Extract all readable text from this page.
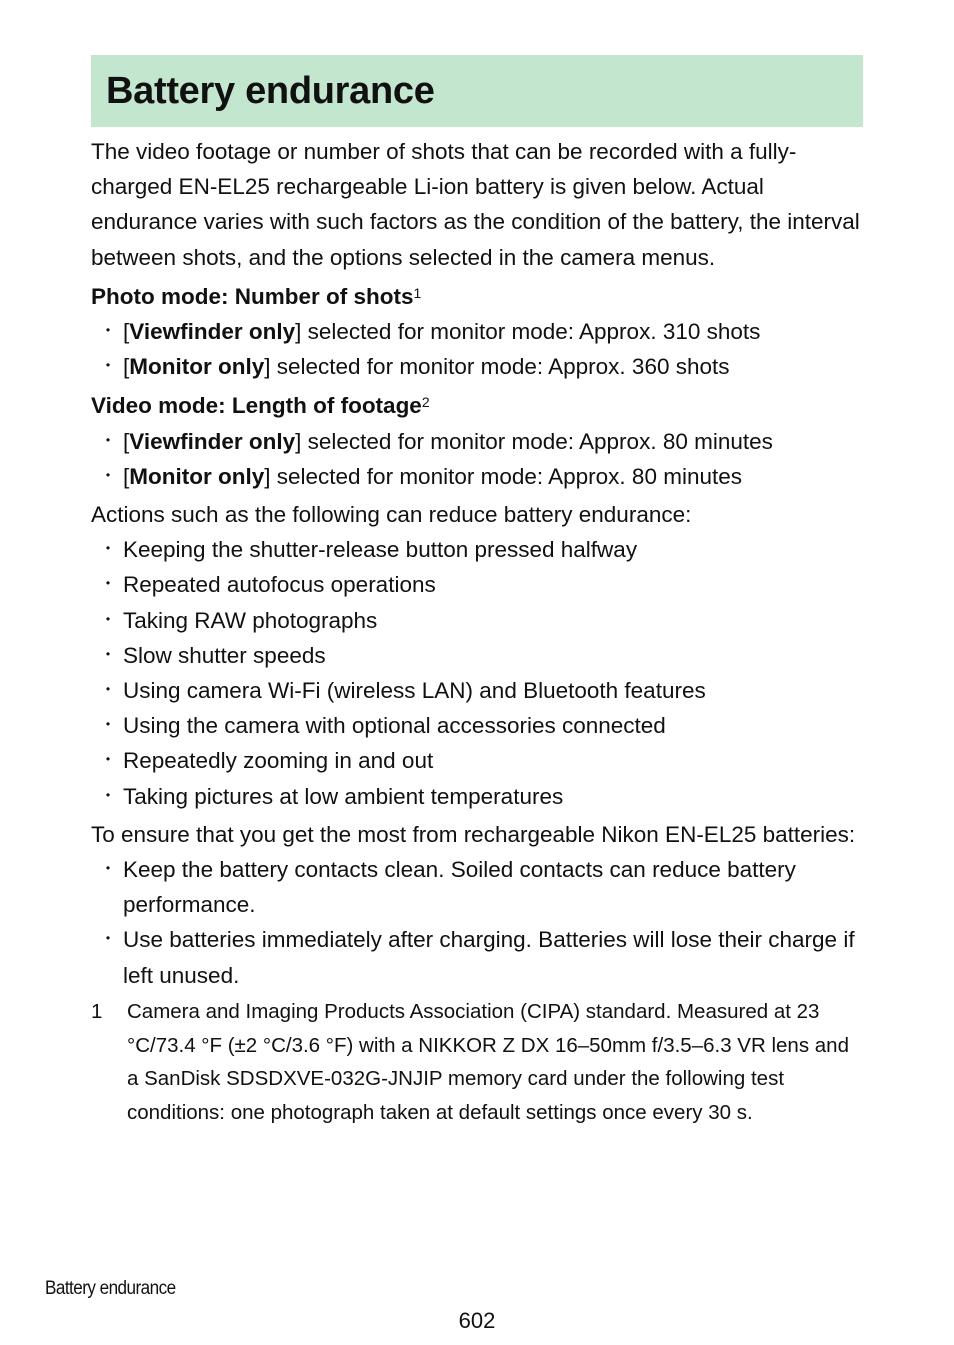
Battery endurance

The video footage or number of shots that can be recorded with a fully-charged EN-EL25 rechargeable Li-ion battery is given below. Actual endurance varies with such factors as the condition of the battery, the interval between shots, and the options selected in the camera menus.

Photo mode: Number of shots$^1$

・ [Viewfinder only] selected for monitor mode: Approx. 310 shots
・ [Monitor only] selected for monitor mode: Approx. 360 shots

Video mode: Length of footage$^2$

・ [Viewfinder only] selected for monitor mode: Approx. 80 minutes
・ [Monitor only] selected for monitor mode: Approx. 80 minutes

Actions such as the following can reduce battery endurance:

・ Keeping the shutter-release button pressed halfway
・ Repeated autofocus operations
・ Taking RAW photographs
・ Slow shutter speeds
・ Using camera Wi-Fi (wireless LAN) and Bluetooth features
・ Using the camera with optional accessories connected
・ Repeatedly zooming in and out
・ Taking pictures at low ambient temperatures

To ensure that you get the most from rechargeable Nikon EN-EL25 batteries:

・ Keep the battery contacts clean. Soiled contacts can reduce battery performance.
・ Use batteries immediately after charging. Batteries will lose their charge if left unused.
1 Camera and Imaging Products Association (CIPA) standard. Measured at 23 °C/73.4 °F (±2 °C/3.6 °F) with a NIKKOR Z DX 16–50mm f/3.5–6.3 VR lens and a SanDisk SDSDXVE-032G-JNJIP memory card under the following test conditions: one photograph taken at default settings once every 30 s.
Battery endurance
602
